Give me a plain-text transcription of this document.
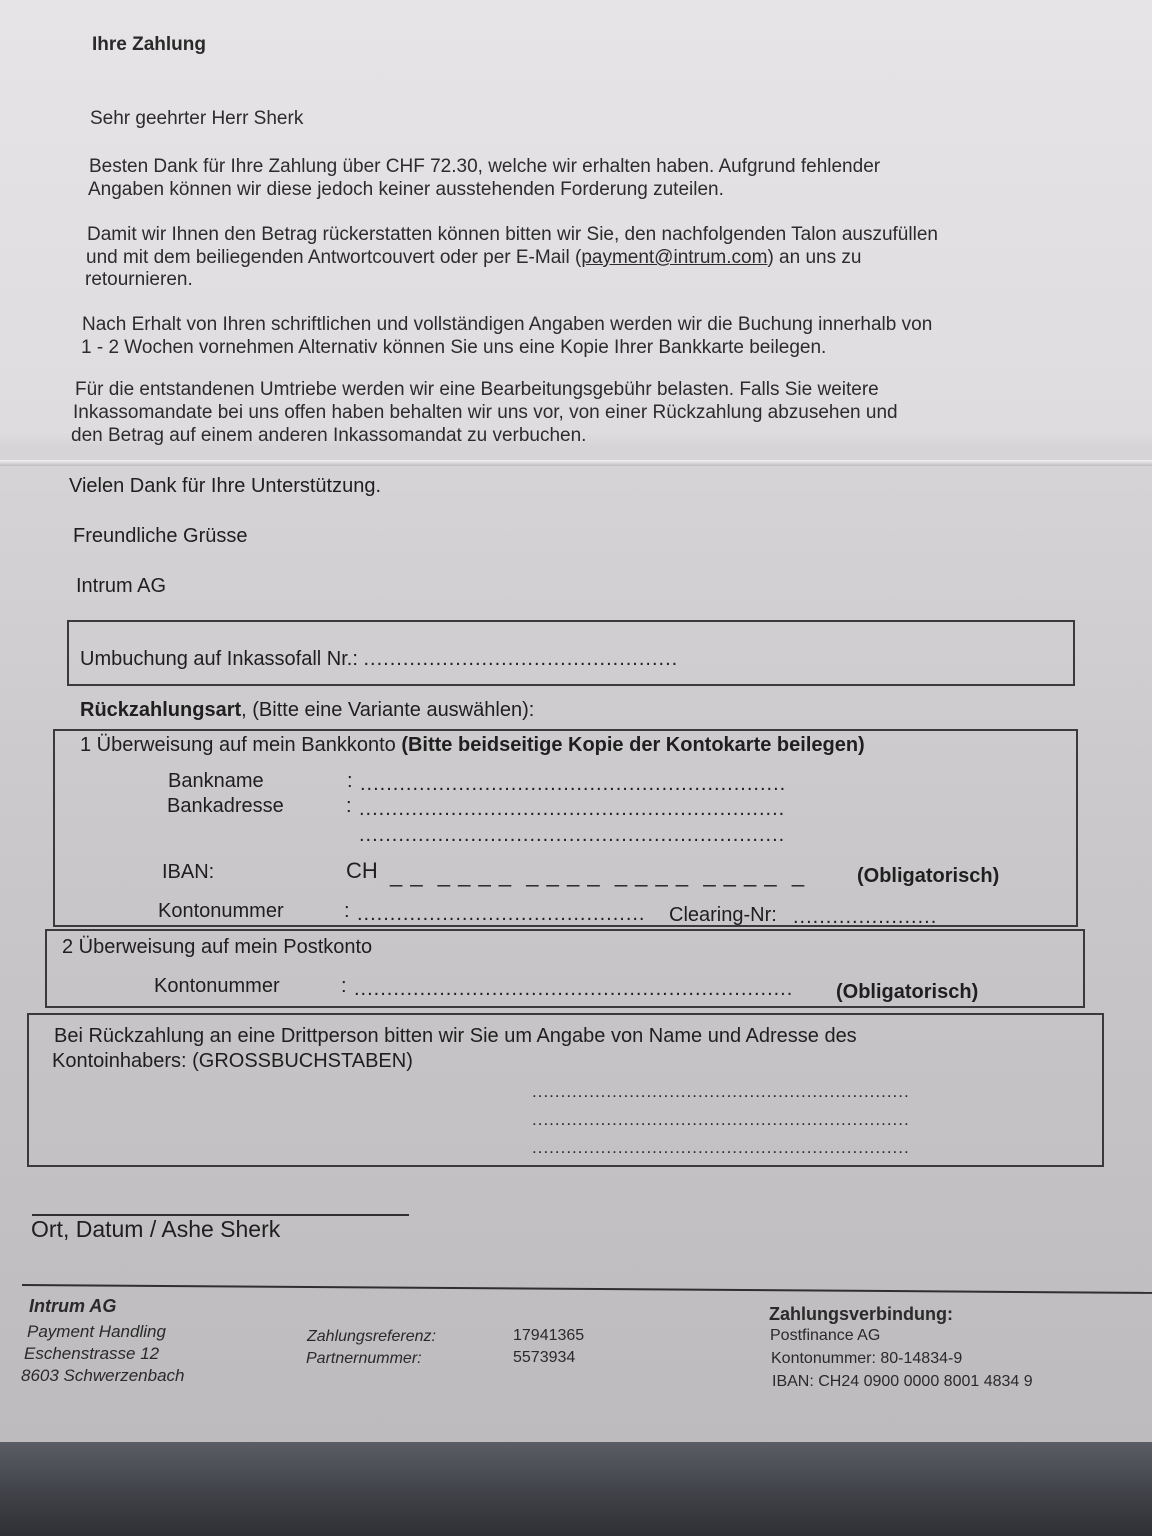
Ihre Zahlung
Sehr geehrter Herr Sherk
Besten Dank für Ihre Zahlung über CHF 72.30, welche wir erhalten haben. Aufgrund fehlender
Angaben können wir diese jedoch keiner ausstehenden Forderung zuteilen.
Damit wir Ihnen den Betrag rückerstatten können bitten wir Sie, den nachfolgenden Talon auszufüllen
und mit dem beiliegenden Antwortcouvert oder per E-Mail (payment@intrum.com) an uns zu
retournieren.
Nach Erhalt von Ihren schriftlichen und vollständigen Angaben werden wir die Buchung innerhalb von
1 - 2 Wochen vornehmen Alternativ können Sie uns eine Kopie Ihrer Bankkarte beilegen.
Für die entstandenen Umtriebe werden wir eine Bearbeitungsgebühr belasten. Falls Sie weitere
Inkassomandate bei uns offen haben behalten wir uns vor, von einer Rückzahlung abzusehen und
den Betrag auf einem anderen Inkassomandat zu verbuchen.
Vielen Dank für Ihre Unterstützung.
Freundliche Grüsse
Intrum AG
Umbuchung auf Inkassofall Nr.: ................................................
Rückzahlungsart, (Bitte eine Variante auswählen):
1 Überweisung auf mein Bankkonto (Bitte beidseitige Kopie der Kontokarte beilegen)
Bankname	: .................................................................
Bankadresse	: .................................................................
.................................................................
IBAN:	CH _ _  _ _ _ _  _ _ _ _  _ _ _ _  _ _ _ _  _	(Obligatorisch)
Kontonummer	: ............................................ Clearing-Nr: ......................
2 Überweisung auf mein Postkonto
Kontonummer	: ................................................................... (Obligatorisch)
Bei Rückzahlung an eine Drittperson bitten wir Sie um Angabe von Name und Adresse des
Kontoinhabers: (GROSSBUCHSTABEN)
..................................................................
..................................................................
..................................................................
Ort, Datum / Ashe Sherk
Intrum AG
Payment Handling
Eschenstrasse 12
8603 Schwerzenbach
Zahlungsreferenz:	17941365
Partnernummer:	5573934
Zahlungsverbindung:
Postfinance AG
Kontonummer: 80-14834-9
IBAN: CH24 0900 0000 8001 4834 9
